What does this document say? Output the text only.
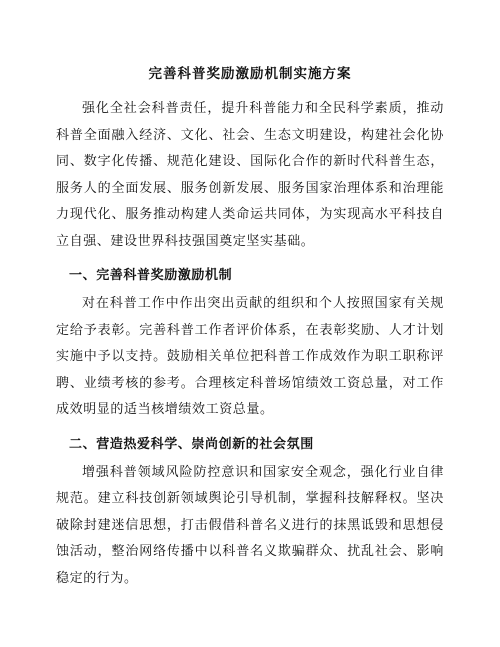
完善科普奖励激励机制实施方案

强化全社会科普责任，提升科普能力和全民科学素质，推动科普全面融入经济、文化、社会、生态文明建设，构建社会化协同、数字化传播、规范化建设、国际化合作的新时代科普生态，服务人的全面发展、服务创新发展、服务国家治理体系和治理能力现代化、服务推动构建人类命运共同体，为实现高水平科技自立自强、建设世界科技强国奠定坚实基础。

一、完善科普奖励激励机制

对在科普工作中作出突出贡献的组织和个人按照国家有关规定给予表彰。完善科普工作者评价体系，在表彰奖励、人才计划实施中予以支持。鼓励相关单位把科普工作成效作为职工职称评聘、业绩考核的参考。合理核定科普场馆绩效工资总量，对工作成效明显的适当核增绩效工资总量。

二、营造热爱科学、崇尚创新的社会氛围

增强科普领域风险防控意识和国家安全观念，强化行业自律规范。建立科技创新领域舆论引导机制，掌握科技解释权。坚决破除封建迷信思想，打击假借科普名义进行的抹黑诋毁和思想侵蚀活动，整治网络传播中以科普名义欺骗群众、扰乱社会、影响稳定的行为。
